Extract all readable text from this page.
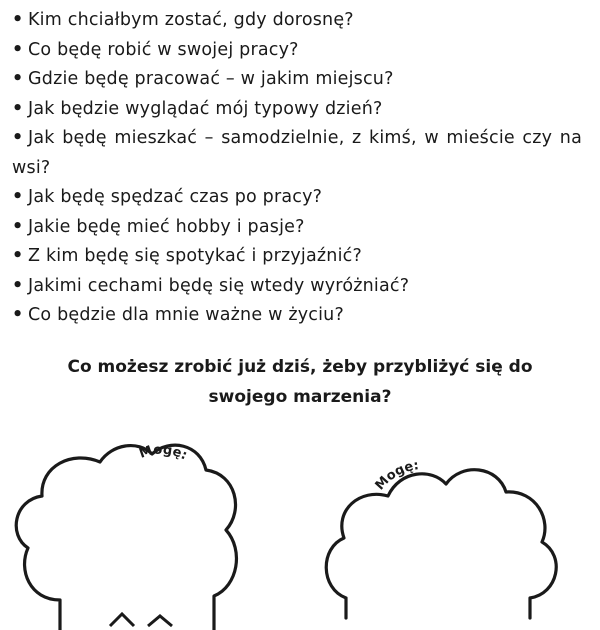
• Kim chciałbym zostać, gdy dorosnę?
• Co będę robić w swojej pracy?
• Gdzie będę pracować – w jakim miejscu?
• Jak będzie wyglądać mój typowy dzień?
• Jak będę mieszkać – samodzielnie, z kimś, w mieście czy na wsi?
• Jak będę spędzać czas po pracy?
• Jakie będę mieć hobby i pasje?
• Z kim będę się spotykać i przyjaźnić?
• Jakimi cechami będę się wtedy wyróżniać?
• Co będzie dla mnie ważne w życiu?
Co możesz zrobić już dziś, żeby przybliżyć się do
swojego marzenia?
Mogę:
Mogę:
